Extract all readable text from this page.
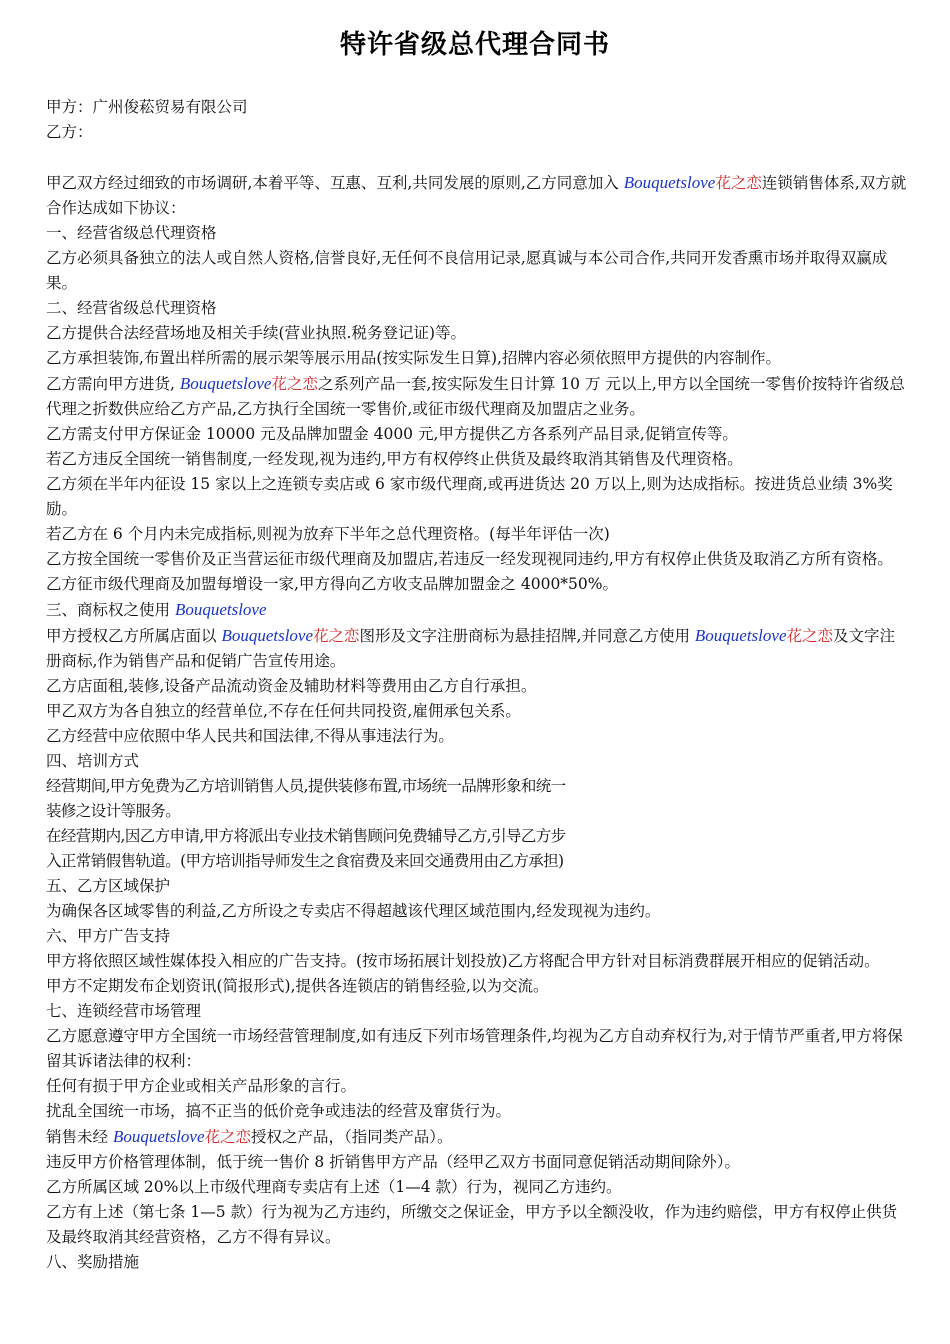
特许省级总代理合同书

甲方：广州俊菘贸易有限公司

乙方：

甲乙双方经过细致的市场调研,本着平等、互惠、互利,共同发展的原则,乙方同意加入 Bouquetslove花之恋连锁销售体系,双方就合作达成如下协议：

一、经营省级总代理资格

乙方必须具备独立的法人或自然人资格,信誉良好,无任何不良信用记录,愿真诚与本公司合作,共同开发香熏市场并取得双赢成果。

二、经营省级总代理资格

乙方提供合法经营场地及相关手续(营业执照.税务登记证)等。

乙方承担装饰,布置出样所需的展示架等展示用品(按实际发生日算),招牌内容必须依照甲方提供的内容制作。

乙方需向甲方进货, Bouquetslove花之恋之系列产品一套,按实际发生日计算 10 万 元以上,甲方以全国统一零售价按特许省级总代理之折数供应给乙方产品,乙方执行全国统一零售价,或征市级代理商及加盟店之业务。

乙方需支付甲方保证金 10000 元及品牌加盟金 4000 元,甲方提供乙方各系列产品目录,促销宣传等。

若乙方违反全国统一销售制度,一经发现,视为违约,甲方有权停终止供货及最终取消其销售及代理资格。

乙方须在半年内征设 15 家以上之连锁专卖店或 6 家市级代理商,或再进货达 20 万以上,则为达成指标。按进货总业绩 3%奖励。

若乙方在 6 个月内未完成指标,则视为放弃下半年之总代理资格。(每半年评估一次)

乙方按全国统一零售价及正当营运征市级代理商及加盟店,若违反一经发现视同违约,甲方有权停止供货及取消乙方所有资格。

乙方征市级代理商及加盟每增设一家,甲方得向乙方收支品牌加盟金之 4000*50%。

三、商标权之使用 Bouquetslove

甲方授权乙方所属店面以 Bouquetslove花之恋图形及文字注册商标为悬挂招牌,并同意乙方使用 Bouquetslove花之恋及文字注册商标,作为销售产品和促销广告宣传用途。

乙方店面租,装修,设备产品流动资金及辅助材料等费用由乙方自行承担。

甲乙双方为各自独立的经营单位,不存在任何共同投资,雇佣承包关系。

乙方经营中应依照中华人民共和国法律,不得从事违法行为。

四、培训方式

经营期间,甲方免费为乙方培训销售人员,提供装修布置,市场统一品牌形象和统一

装修之设计等服务。

在经营期内,因乙方申请,甲方将派出专业技术销售顾问免费辅导乙方,引导乙方步

入正常销假售轨道。(甲方培训指导师发生之食宿费及来回交通费用由乙方承担)

五、乙方区域保护

为确保各区域零售的利益,乙方所设之专卖店不得超越该代理区域范围内,经发现视为违约。

六、甲方广告支持

甲方将依照区域性媒体投入相应的广告支持。(按市场拓展计划投放)乙方将配合甲方针对目标消费群展开相应的促销活动。

甲方不定期发布企划资讯(简报形式),提供各连锁店的销售经验,以为交流。

七、连锁经营市场管理

乙方愿意遵守甲方全国统一市场经营管理制度,如有违反下列市场管理条件,均视为乙方自动弃权行为,对于情节严重者,甲方将保留其诉诸法律的权利：

任何有损于甲方企业或相关产品形象的言行。

扰乱全国统一市场，搞不正当的低价竞争或违法的经营及窜货行为。

销售未经 Bouquetslove花之恋授权之产品，（指同类产品）。

违反甲方价格管理体制，低于统一售价 8 折销售甲方产品（经甲乙双方书面同意促销活动期间除外）。

乙方所属区域 20%以上市级代理商专卖店有上述（1—4 款）行为，视同乙方违约。

乙方有上述（第七条 1—5 款）行为视为乙方违约，所缴交之保证金，甲方予以全额没收，作为违约赔偿，甲方有权停止供货及最终取消其经营资格，乙方不得有异议。

八、奖励措施
